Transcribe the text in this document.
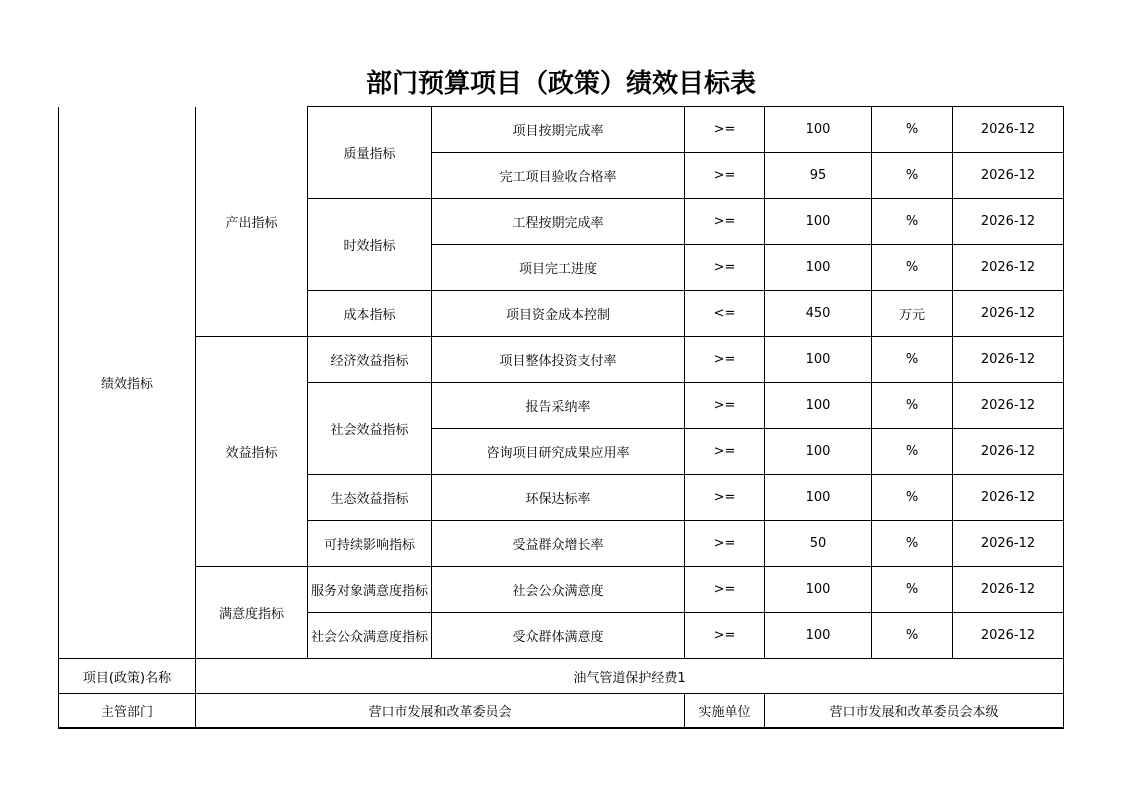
部门预算项目（政策）绩效目标表
绩效指标	产出指标	质量指标	项目按期完成率	>=	100	%	2026-12
			完工项目验收合格率	>=	95	%	2026-12
		时效指标	工程按期完成率	>=	100	%	2026-12
			项目完工进度	>=	100	%	2026-12
		成本指标	项目资金成本控制	<=	450	万元	2026-12
	效益指标	经济效益指标	项目整体投资支付率	>=	100	%	2026-12
		社会效益指标	报告采纳率	>=	100	%	2026-12
			咨询项目研究成果应用率	>=	100	%	2026-12
		生态效益指标	环保达标率	>=	100	%	2026-12
		可持续影响指标	受益群众增长率	>=	50	%	2026-12
	满意度指标	服务对象满意度指标	社会公众满意度	>=	100	%	2026-12
		社会公众满意度指标	受众群体满意度	>=	100	%	2026-12
项目(政策)名称	油气管道保护经费1						
主管部门	营口市发展和改革委员会			实施单位	营口市发展和改革委员会本级		
